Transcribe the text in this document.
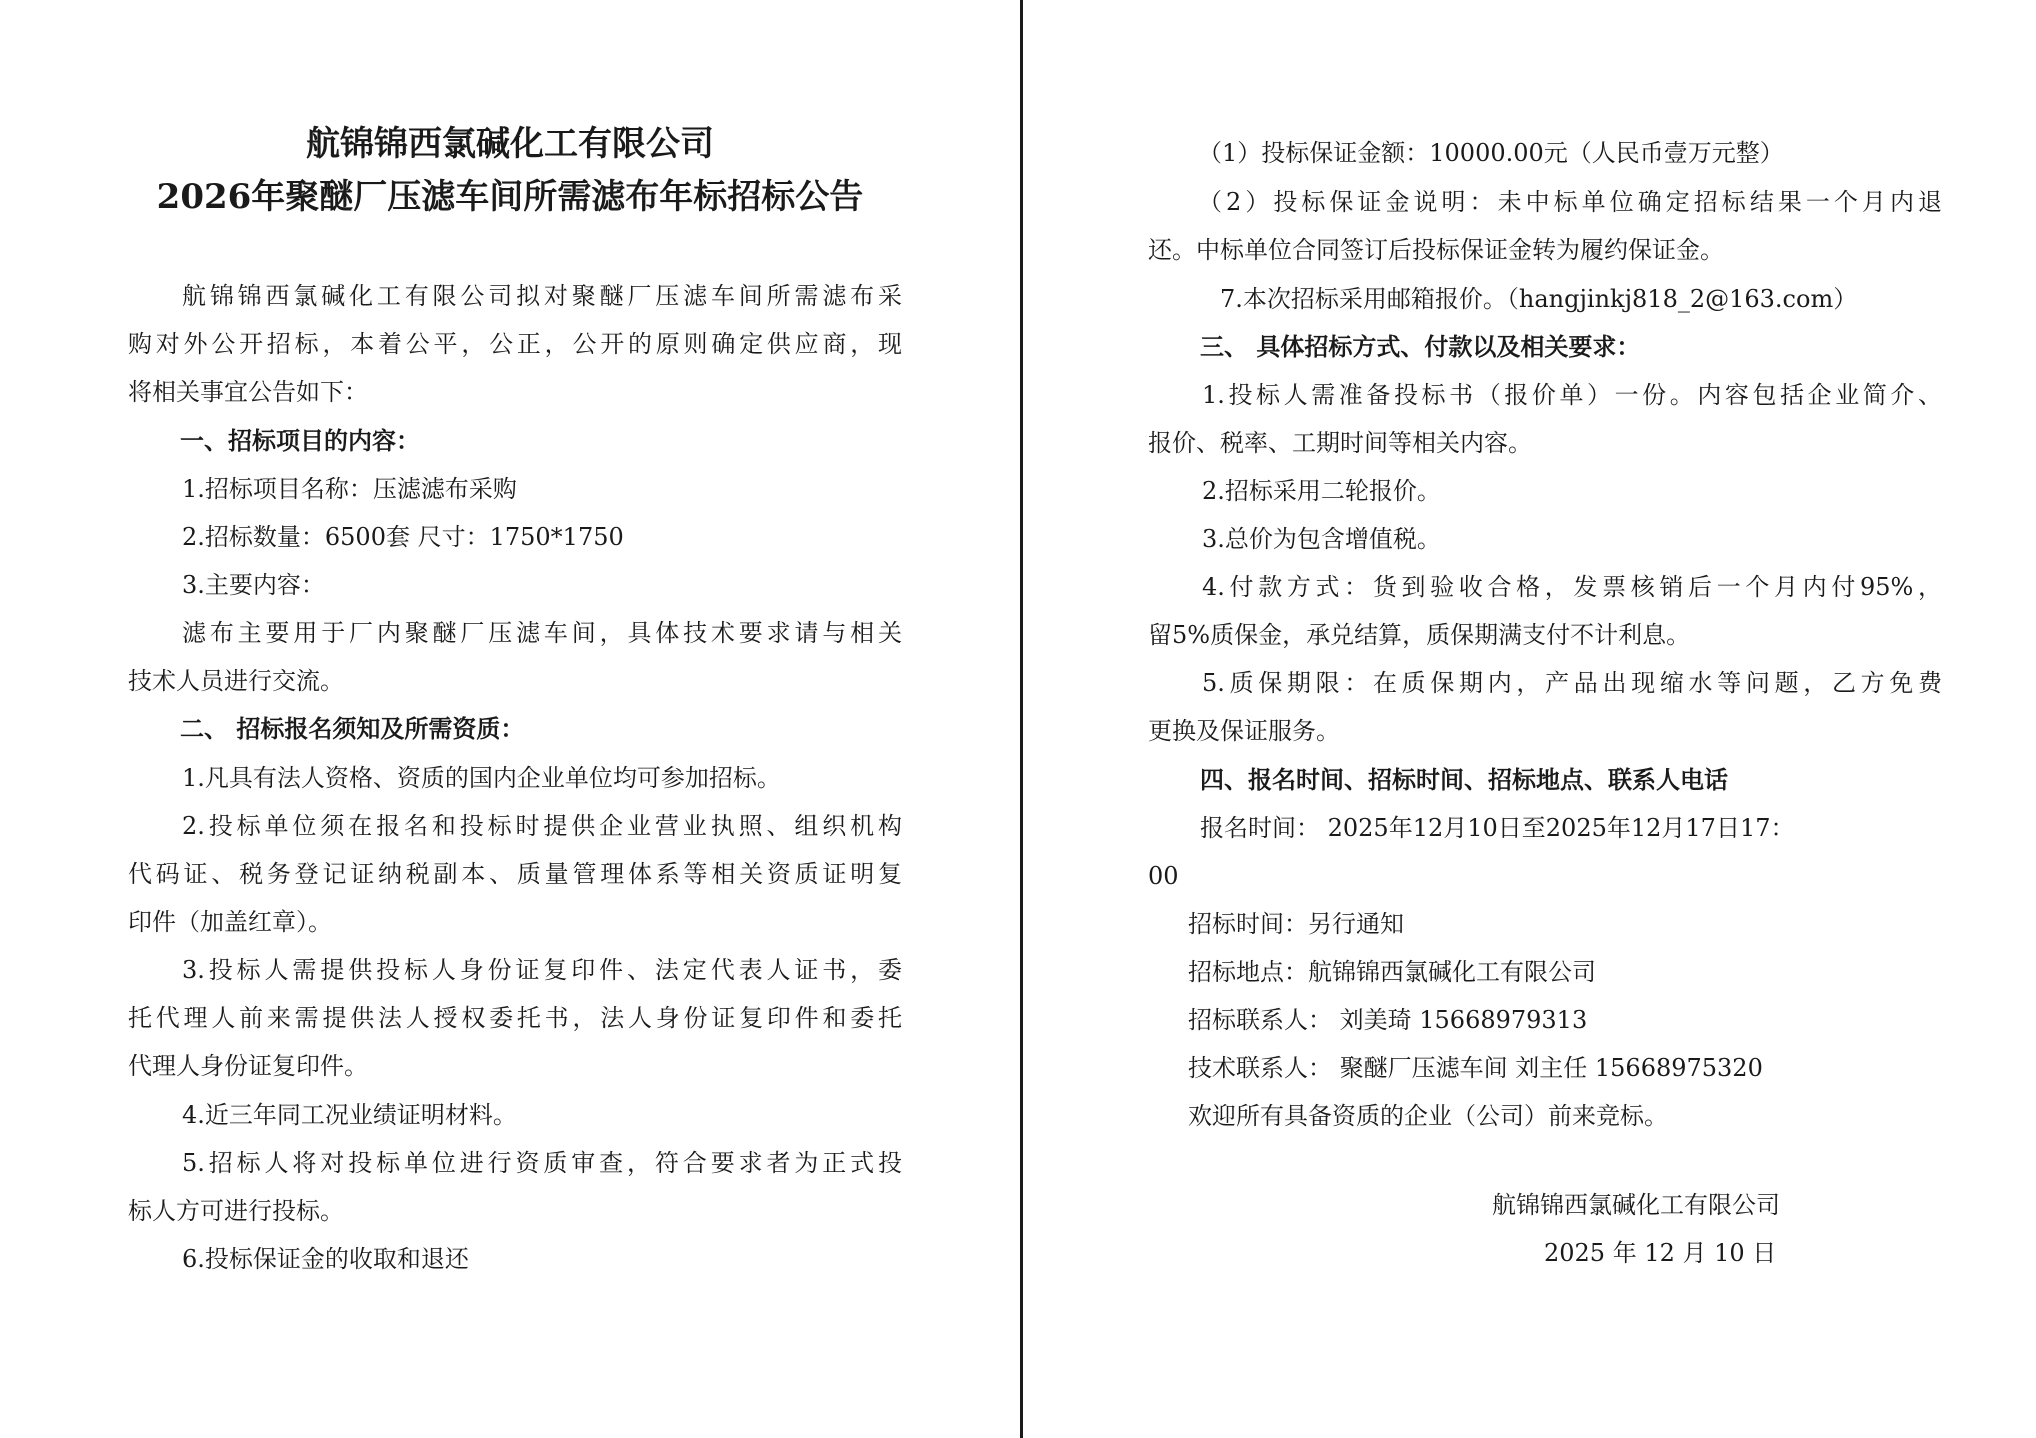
航锦锦西氯碱化工有限公司
2026年聚醚厂压滤车间所需滤布年标招标公告
航锦锦西氯碱化工有限公司拟对聚醚厂压滤车间所需滤布采
购对外公开招标，本着公平，公正，公开的原则确定供应商，现
将相关事宜公告如下：
一、招标项目的内容：
1.招标项目名称：压滤滤布采购
2.招标数量：6500套 尺寸：1750*1750
3.主要内容：
滤布主要用于厂内聚醚厂压滤车间，具体技术要求请与相关
技术人员进行交流。
二、 招标报名须知及所需资质：
1.凡具有法人资格、资质的国内企业单位均可参加招标。
2.投标单位须在报名和投标时提供企业营业执照、组织机构
代码证、税务登记证纳税副本、质量管理体系等相关资质证明复
印件（加盖红章）。
3.投标人需提供投标人身份证复印件、法定代表人证书，委
托代理人前来需提供法人授权委托书，法人身份证复印件和委托
代理人身份证复印件。
4.近三年同工况业绩证明材料。
5.招标人将对投标单位进行资质审查，符合要求者为正式投
标人方可进行投标。
6.投标保证金的收取和退还
（1）投标保证金额：10000.00元（人民币壹万元整）
（2）投标保证金说明：未中标单位确定招标结果一个月内退
还。中标单位合同签订后投标保证金转为履约保证金。
7.本次招标采用邮箱报价。（hangjinkj818_2@163.com）
三、 具体招标方式、付款以及相关要求：
1.投标人需准备投标书（报价单）一份。内容包括企业简介、
报价、税率、工期时间等相关内容。
2.招标采用二轮报价。
3.总价为包含增值税。
4.付款方式：货到验收合格，发票核销后一个月内付95%，
留5%质保金，承兑结算，质保期满支付不计利息。
5.质保期限：在质保期内，产品出现缩水等问题，乙方免费
更换及保证服务。
四、报名时间、招标时间、招标地点、联系人电话
报名时间： 2025年12月10日至2025年12月17日17：
00
招标时间：另行通知
招标地点：航锦锦西氯碱化工有限公司
招标联系人： 刘美琦 15668979313
技术联系人： 聚醚厂压滤车间 刘主任 15668975320
欢迎所有具备资质的企业（公司）前来竞标。
航锦锦西氯碱化工有限公司
2025 年 12 月 10 日
